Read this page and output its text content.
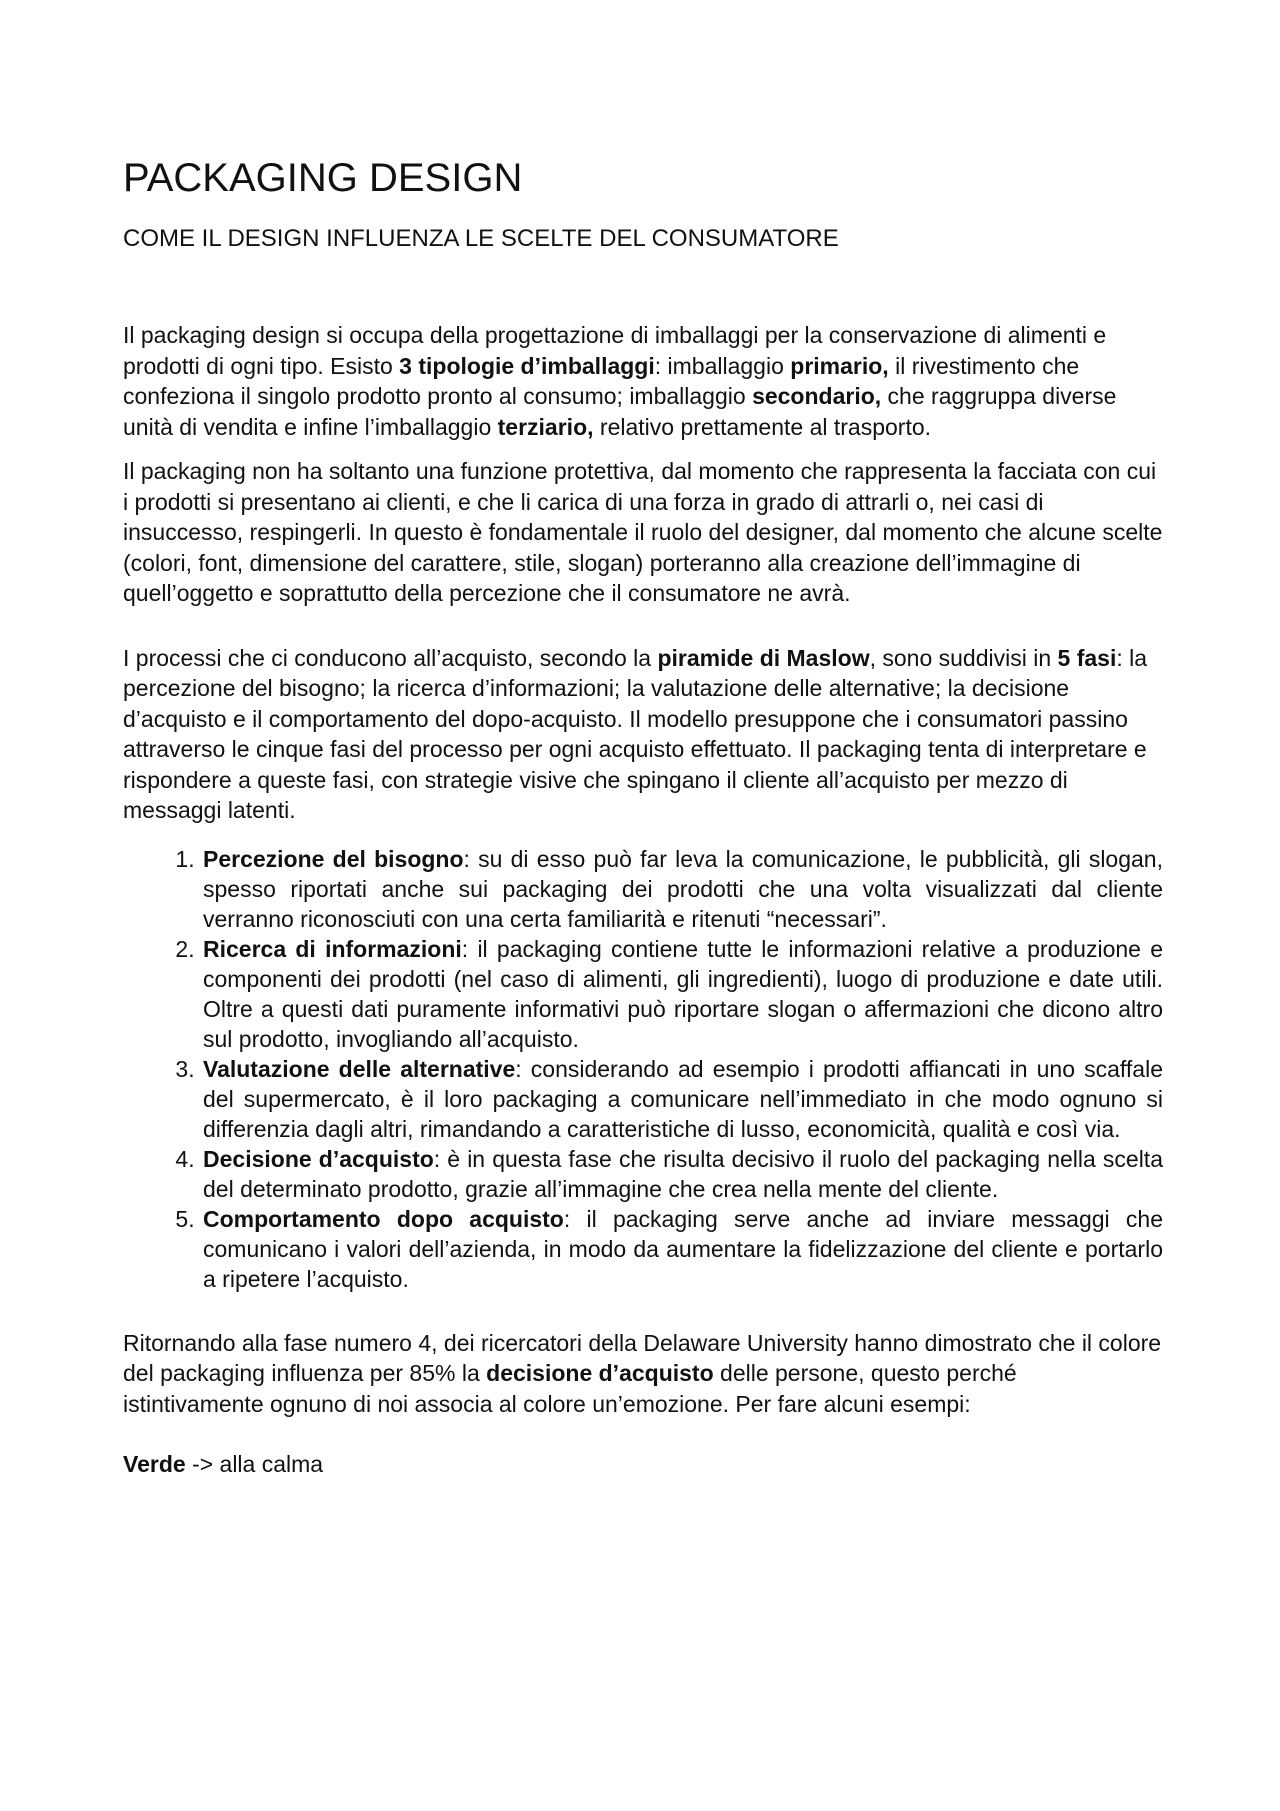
PACKAGING DESIGN
COME IL DESIGN INFLUENZA LE SCELTE DEL CONSUMATORE

Il packaging design si occupa della progettazione di imballaggi per la conservazione di alimenti e prodotti di ogni tipo. Esisto 3 tipologie d’imballaggi: imballaggio primario, il rivestimento che confeziona il singolo prodotto pronto al consumo; imballaggio secondario, che raggruppa diverse unità di vendita e infine l’imballaggio terziario, relativo prettamente al trasporto.

Il packaging non ha soltanto una funzione protettiva, dal momento che rappresenta la facciata con cui i prodotti si presentano ai clienti, e che li carica di una forza in grado di attrarli o, nei casi di insuccesso, respingerli. In questo è fondamentale il ruolo del designer, dal momento che alcune scelte (colori, font, dimensione del carattere, stile, slogan) porteranno alla creazione dell’immagine di quell’oggetto e soprattutto della percezione che il consumatore ne avrà.

I processi che ci conducono all’acquisto, secondo la piramide di Maslow, sono suddivisi in 5 fasi: la percezione del bisogno; la ricerca d’informazioni; la valutazione delle alternative; la decisione d’acquisto e il comportamento del dopo-acquisto. Il modello presuppone che i consumatori passino attraverso le cinque fasi del processo per ogni acquisto effettuato. Il packaging tenta di interpretare e rispondere a queste fasi, con strategie visive che spingano il cliente all’acquisto per mezzo di messaggi latenti.

1. Percezione del bisogno: su di esso può far leva la comunicazione, le pubblicità, gli slogan, spesso riportati anche sui packaging dei prodotti che una volta visualizzati dal cliente verranno riconosciuti con una certa familiarità e ritenuti “necessari”.
2. Ricerca di informazioni: il packaging contiene tutte le informazioni relative a produzione e componenti dei prodotti (nel caso di alimenti, gli ingredienti), luogo di produzione e date utili. Oltre a questi dati puramente informativi può riportare slogan o affermazioni che dicono altro sul prodotto, invogliando all’acquisto.
3. Valutazione delle alternative: considerando ad esempio i prodotti affiancati in uno scaffale del supermercato, è il loro packaging a comunicare nell’immediato in che modo ognuno si differenzia dagli altri, rimandando a caratteristiche di lusso, economicità, qualità e così via.
4. Decisione d’acquisto: è in questa fase che risulta decisivo il ruolo del packaging nella scelta del determinato prodotto, grazie all’immagine che crea nella mente del cliente.
5. Comportamento dopo acquisto: il packaging serve anche ad inviare messaggi che comunicano i valori dell’azienda, in modo da aumentare la fidelizzazione del cliente e portarlo a ripetere l’acquisto.

Ritornando alla fase numero 4, dei ricercatori della Delaware University hanno dimostrato che il colore del packaging influenza per 85% la decisione d’acquisto delle persone, questo perché istintivamente ognuno di noi associa al colore un’emozione. Per fare alcuni esempi:

Verde -> alla calma
